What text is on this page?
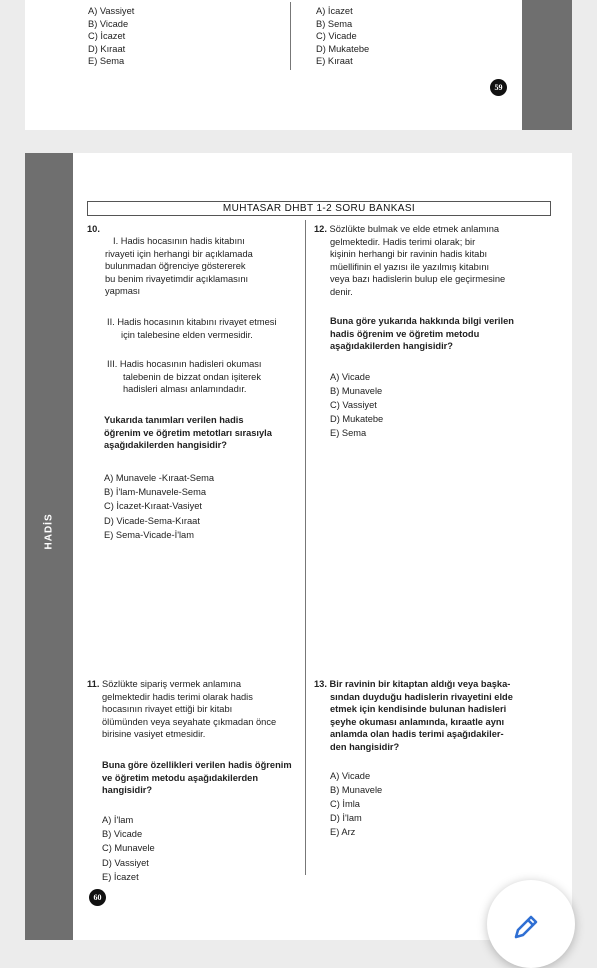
A) Vassiyet
B) Vicade
C) İcazet
D) Kıraat
E) Sema
A) İcazet
B) Sema
C) Vicade
D) Mukatebe
E) Kıraat
59
HADİS
MUHTASAR DHBT 1-2 SORU BANKASI
10.
I. Hadis hocasının hadis kitabını
rivayeti için herhangi bir açıklamada
bulunmadan öğrenciye göstererek
bu benim rivayetimdir açıklamasını
yapması
II. Hadis hocasının kitabını rivayet etmesi
için talebesine elden vermesidir.
III. Hadis hocasının hadisleri okuması
talebenin de bizzat ondan işiterek
hadisleri alması anlamındadır.
Yukarıda tanımları verilen hadis
öğrenim ve öğretim metotları sırasıyla
aşağıdakilerden hangisidir?
A) Munavele -Kıraat-Sema
B) İ'lam-Munavele-Sema
C) İcazet-Kıraat-Vasiyet
D) Vicade-Sema-Kıraat
E) Sema-Vicade-İ'lam
12. Sözlükte bulmak ve elde etmek anlamına
gelmektedir. Hadis terimi olarak; bir
kişinin herhangi bir ravinin hadis kitabı
müellifinin el yazısı ile yazılmış kitabını
veya bazı hadislerin bulup ele geçirmesine
denir.
Buna göre yukarıda hakkında bilgi verilen
hadis öğrenim ve öğretim metodu
aşağıdakilerden hangisidir?
A) Vicade
B) Munavele
C) Vassiyet
D) Mukatebe
E) Sema
11. Sözlükte sipariş vermek anlamına
gelmektedir hadis terimi olarak hadis
hocasının rivayet ettiği bir kitabı
ölümünden veya seyahate çıkmadan önce
birisine vasiyet etmesidir.
Buna göre özellikleri verilen hadis öğrenim
ve öğretim metodu aşağıdakilerden
hangisidir?
A) İ'lam
B) Vicade
C) Munavele
D) Vassiyet
E) İcazet
13. Bir ravinin bir kitaptan aldığı veya başka-
sından duyduğu hadislerin rivayetini elde
etmek için kendisinde bulunan hadisleri
şeyhe okuması anlamında, kıraatle aynı
anlamda olan hadis terimi aşağıdakiler-
den hangisidir?
A) Vicade
B) Munavele
C) İmla
D) İ'lam
E) Arz
60
